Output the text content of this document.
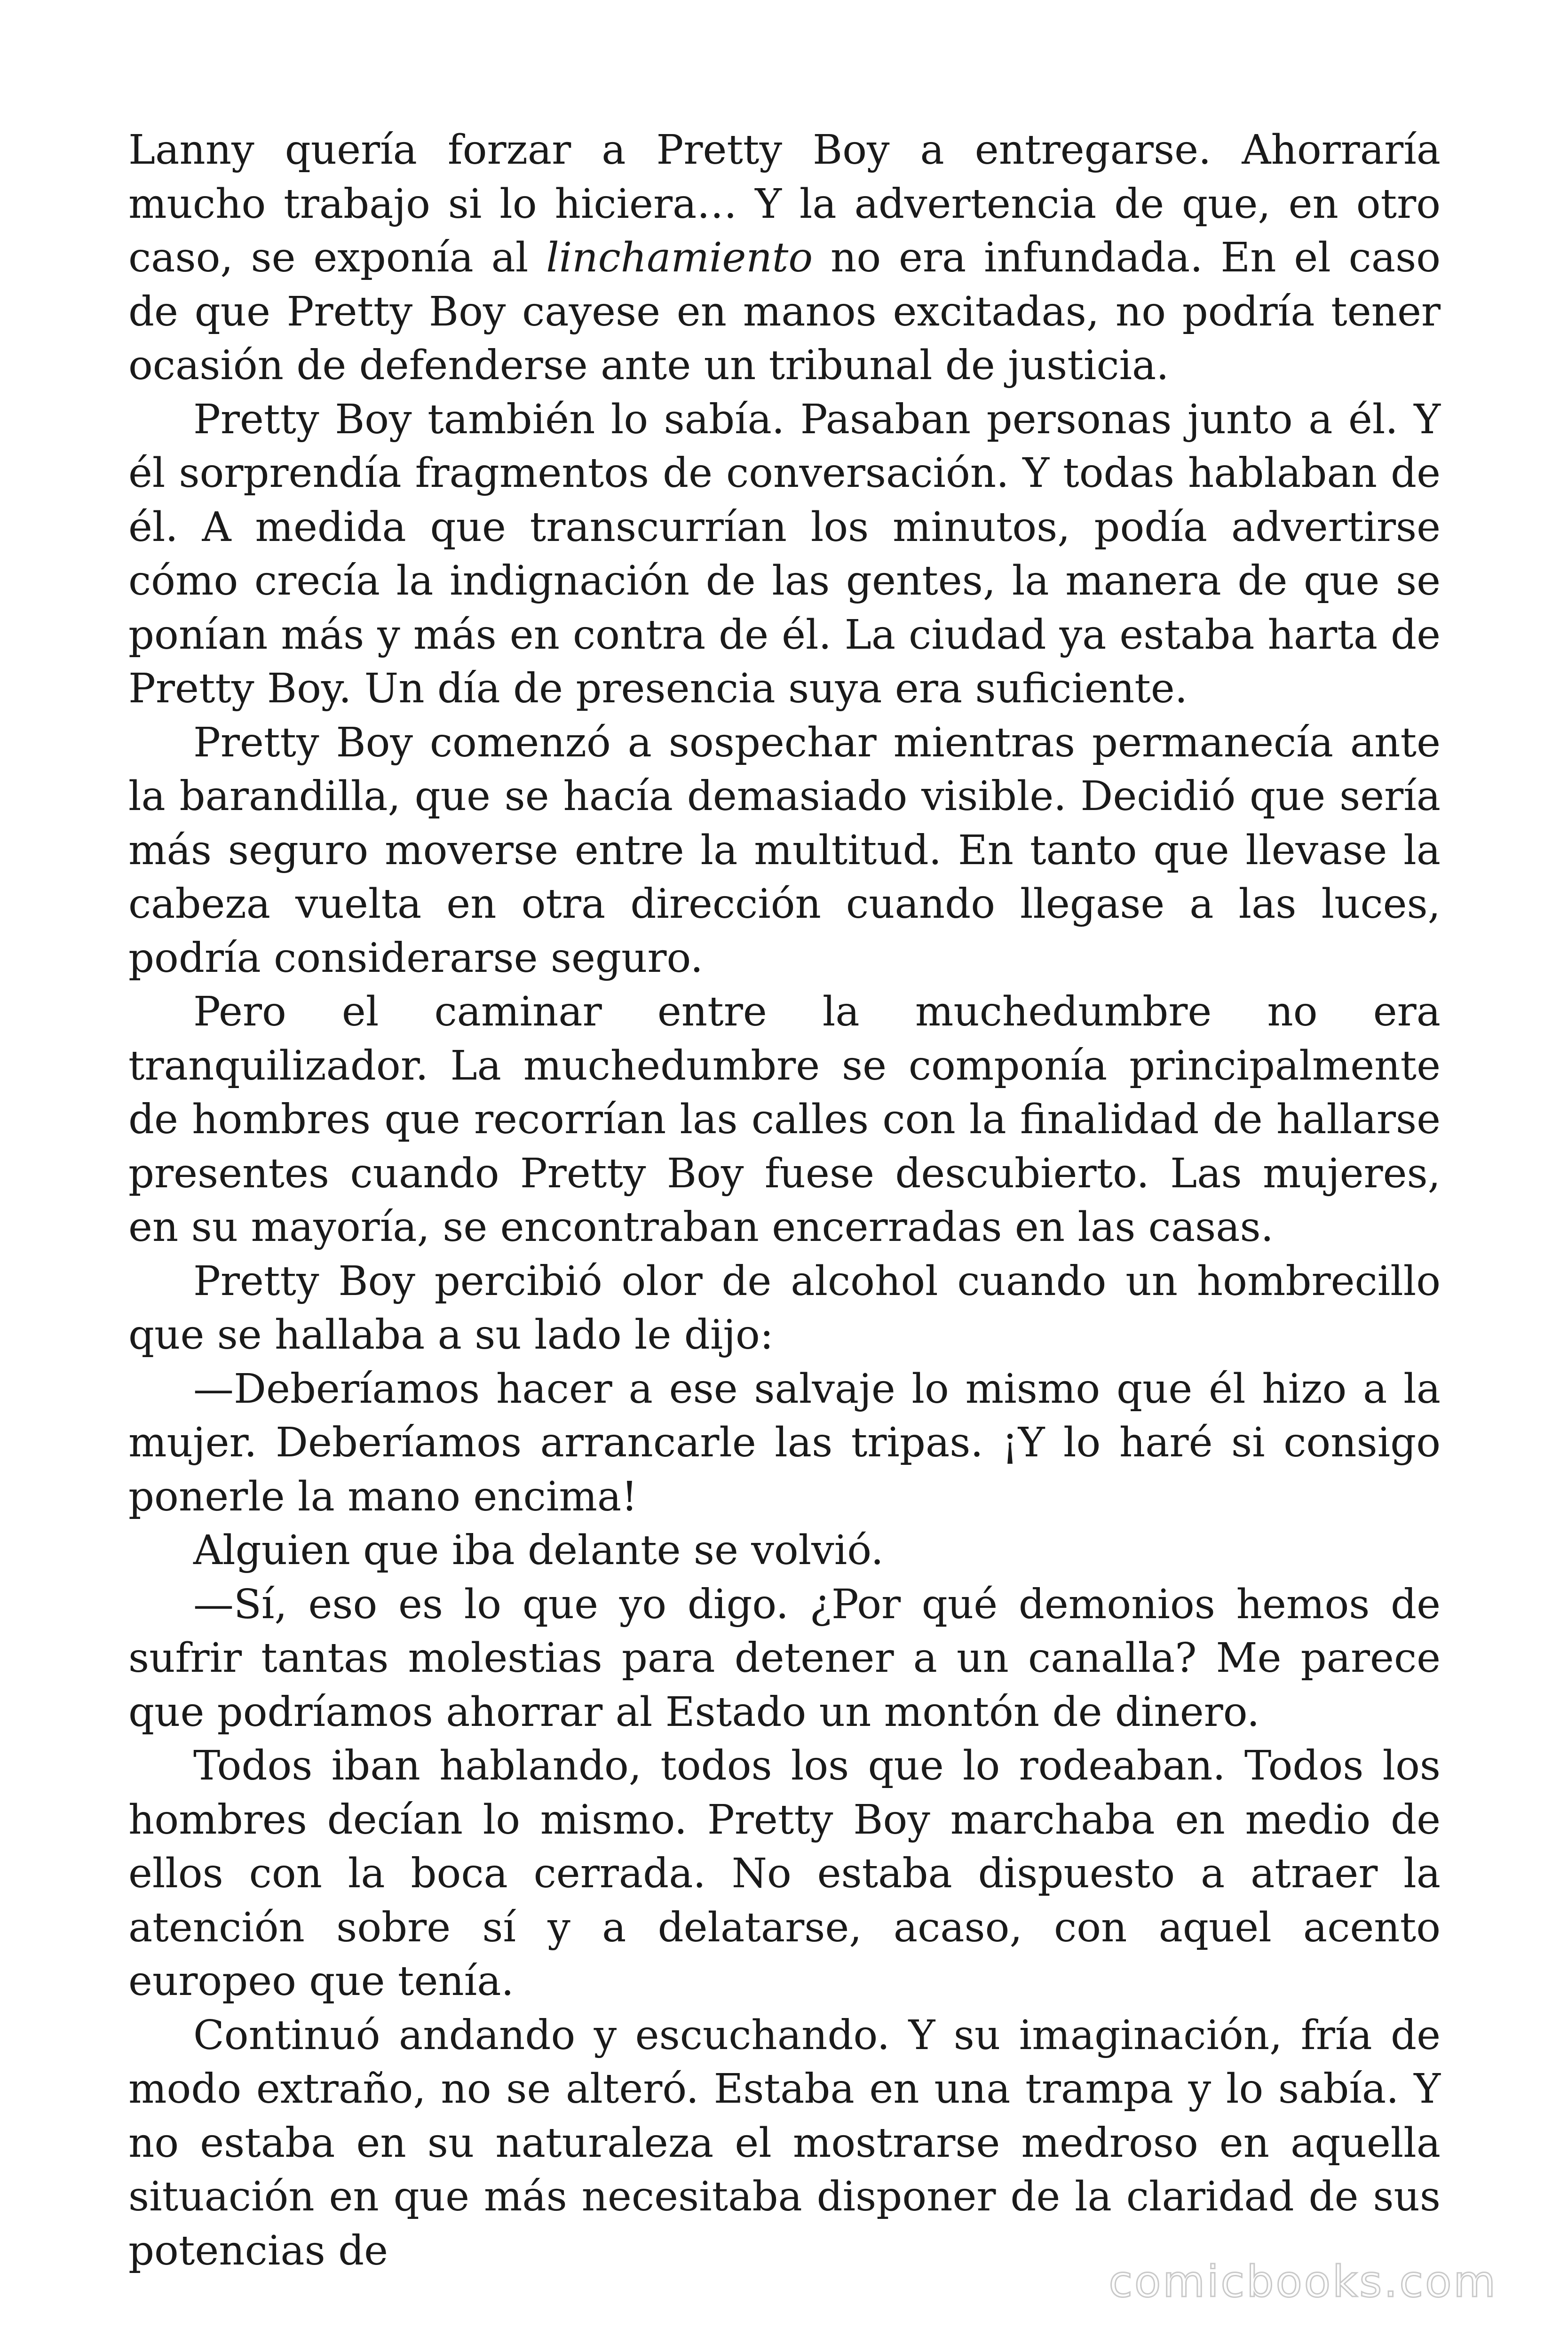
Lanny quería forzar a Pretty Boy a entregarse. Ahorraría mucho trabajo si lo hiciera… Y la advertencia de que, en otro caso, se exponía al linchamiento no era infundada. En el caso de que Pretty Boy cayese en manos excitadas, no podría tener ocasión de defenderse ante un tribunal de justicia.

Pretty Boy también lo sabía. Pasaban personas junto a él. Y él sorprendía fragmentos de conversación. Y todas hablaban de él. A medida que transcurrían los minutos, podía advertirse cómo crecía la indignación de las gentes, la manera de que se ponían más y más en contra de él. La ciudad ya estaba harta de Pretty Boy. Un día de presencia suya era suficiente.

Pretty Boy comenzó a sospechar mientras permanecía ante la barandilla, que se hacía demasiado visible. Decidió que sería más seguro moverse entre la multitud. En tanto que llevase la cabeza vuelta en otra dirección cuando llegase a las luces, podría considerarse seguro.

Pero el caminar entre la muchedumbre no era tranquilizador. La muchedumbre se componía principalmente de hombres que recorrían las calles con la finalidad de hallarse presentes cuando Pretty Boy fuese descubierto. Las mujeres, en su mayoría, se encontraban encerradas en las casas.

Pretty Boy percibió olor de alcohol cuando un hombrecillo que se hallaba a su lado le dijo:

—Deberíamos hacer a ese salvaje lo mismo que él hizo a la mujer. Deberíamos arrancarle las tripas. ¡Y lo haré si consigo ponerle la mano encima!

Alguien que iba delante se volvió.

—Sí, eso es lo que yo digo. ¿Por qué demonios hemos de sufrir tantas molestias para detener a un canalla? Me parece que podríamos ahorrar al Estado un montón de dinero.

Todos iban hablando, todos los que lo rodeaban. Todos los hombres decían lo mismo. Pretty Boy marchaba en medio de ellos con la boca cerrada. No estaba dispuesto a atraer la atención sobre sí y a delatarse, acaso, con aquel acento europeo que tenía.

Continuó andando y escuchando. Y su imaginación, fría de modo extraño, no se alteró. Estaba en una trampa y lo sabía. Y no estaba en su naturaleza el mostrarse medroso en aquella situación en que más necesitaba disponer de la claridad de sus potencias de

comicbooks.com
